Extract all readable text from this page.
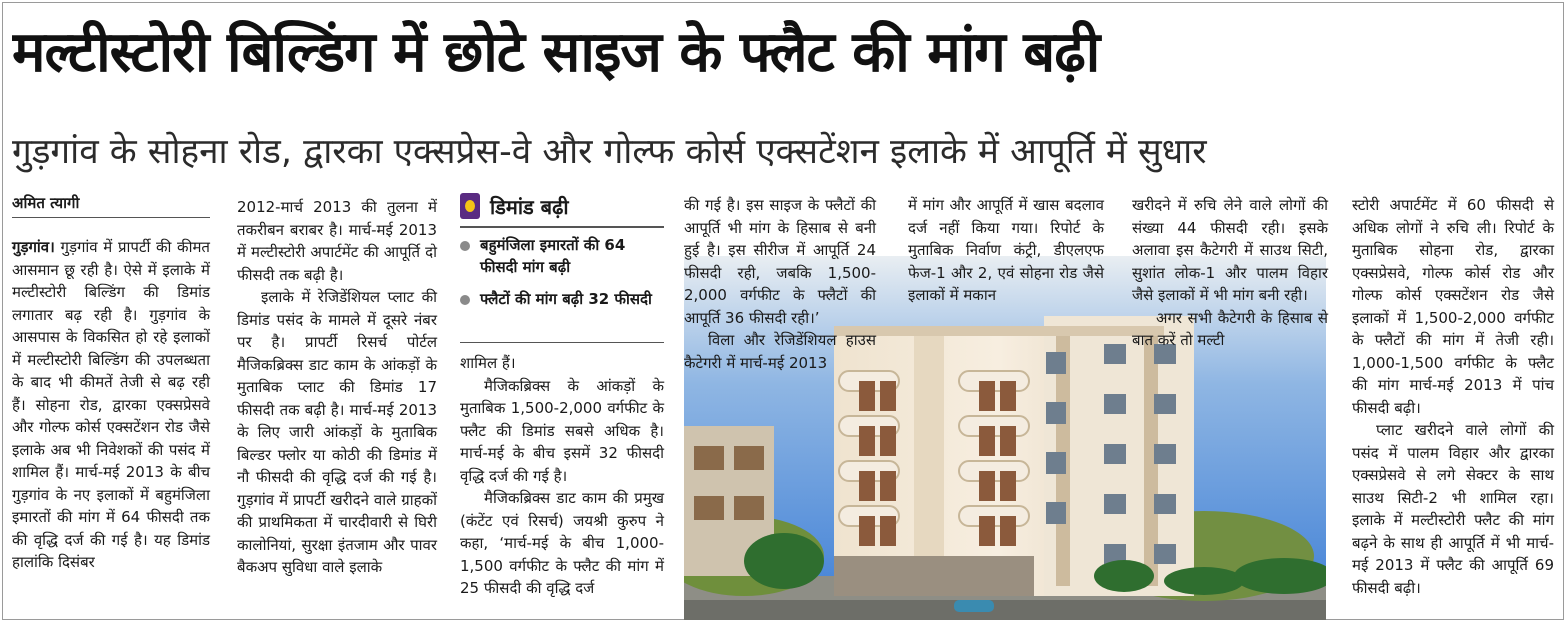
मल्टीस्टोरी बिल्डिंग में छोटे साइज के फ्लैट की मांग बढ़ी
गुड़गांव के सोहना रोड, द्वारका एक्सप्रेस-वे और गोल्फ कोर्स एक्सटेंशन इलाके में आपूर्ति में सुधार
अमित त्यागी

गुड़गांव। गुड़गांव में प्रापर्टी की कीमत आसमान छू रही है। ऐसे में इलाके में मल्टीस्टोरी बिल्डिंग की डिमांड लगातार बढ़ रही है। गुड़गांव के आसपास के विकसित हो रहे इलाकों में मल्टीस्टोरी बिल्डिंग की उपलब्धता के बाद भी कीमतें तेजी से बढ़ रही हैं। सोहना रोड, द्वारका एक्सप्रेसवे और गोल्फ कोर्स एक्सटेंशन रोड जैसे इलाके अब भी निवेशकों की पसंद में शामिल हैं। मार्च-मई 2013 के बीच गुड़गांव के नए इलाकों में बहुमंजिला इमारतों की मांग में 64 फीसदी तक की वृद्धि दर्ज की गई है। यह डिमांड हालांकि दिसंबर

2012-मार्च 2013 की तुलना में तकरीबन बराबर है। मार्च-मई 2013 में मल्टीस्टोरी अपार्टमेंट की आपूर्ति दो फीसदी तक बढ़ी है।

इलाके में रेजिडेंशियल प्लाट की डिमांड पसंद के मामले में दूसरे नंबर पर है। प्रापर्टी रिसर्च पोर्टल मैजिकब्रिक्स डाट काम के आंकड़ों के मुताबिक प्लाट की डिमांड 17 फीसदी तक बढ़ी है। मार्च-मई 2013 के लिए जारी आंकड़ों के मुताबिक बिल्डर फ्लोर या कोठी की डिमांड में नौ फीसदी की वृद्धि दर्ज की गई है। गुड़गांव में प्रापर्टी खरीदने वाले ग्राहकों की प्राथमिकता में चारदीवारी से घिरी कालोनियां, सुरक्षा इंतजाम और पावर बैकअप सुविधा वाले इलाके

डिमांड बढ़ी
बहुमंजिला इमारतों की 64 फीसदी मांग बढ़ी
फ्लैटों की मांग बढ़ी 32 फीसदी

शामिल हैं।

मैजिकब्रिक्स के आंकड़ों के मुताबिक 1,500-2,000 वर्गफीट के फ्लैट की डिमांड सबसे अधिक है। मार्च-मई के बीच इसमें 32 फीसदी वृद्धि दर्ज की गई है।

मैजिकब्रिक्स डाट काम की प्रमुख (कंटेंट एवं रिसर्च) जयश्री कुरुप ने कहा, ‘मार्च-मई के बीच 1,000-1,500 वर्गफीट के फ्लैट की मांग में 25 फीसदी की वृद्धि दर्ज

की गई है। इस साइज के फ्लैटों की आपूर्ति भी मांग के हिसाब से बनी हुई है। इस सीरीज में आपूर्ति 24 फीसदी रही, जबकि 1,500-2,000 वर्गफीट के फ्लैटों की आपूर्ति 36 फीसदी रही।’

विला और रेजिडेंशियल हाउस कैटेगरी में मार्च-मई 2013

में मांग और आपूर्ति में खास बदलाव दर्ज नहीं किया गया। रिपोर्ट के मुताबिक निर्वाण कंट्री, डीएलएफ फेज-1 और 2, एवं सोहना रोड जैसे इलाकों में मकान

खरीदने में रुचि लेने वाले लोगों की संख्या 44 फीसदी रही। इसके अलावा इस कैटेगरी में साउथ सिटी, सुशांत लोक-1 और पालम विहार जैसे इलाकों में भी मांग बनी रही।

अगर सभी कैटेगरी के हिसाब से बात करें तो मल्टी

स्टोरी अपार्टमेंट में 60 फीसदी से अधिक लोगों ने रुचि ली। रिपोर्ट के मुताबिक सोहना रोड, द्वारका एक्सप्रेसवे, गोल्फ कोर्स रोड और गोल्फ कोर्स एक्सटेंशन रोड जैसे इलाकों में 1,500-2,000 वर्गफीट के फ्लैटों की मांग में तेजी रही। 1,000-1,500 वर्गफीट के फ्लैट की मांग मार्च-मई 2013 में पांच फीसदी बढ़ी।

प्लाट खरीदने वाले लोगों की पसंद में पालम विहार और द्वारका एक्सप्रेसवे से लगे सेक्टर के साथ साउथ सिटी-2 भी शामिल रहा। इलाके में मल्टीस्टोरी फ्लैट की मांग बढ़ने के साथ ही आपूर्ति में भी मार्च-मई 2013 में फ्लैट की आपूर्ति 69 फीसदी बढ़ी।
